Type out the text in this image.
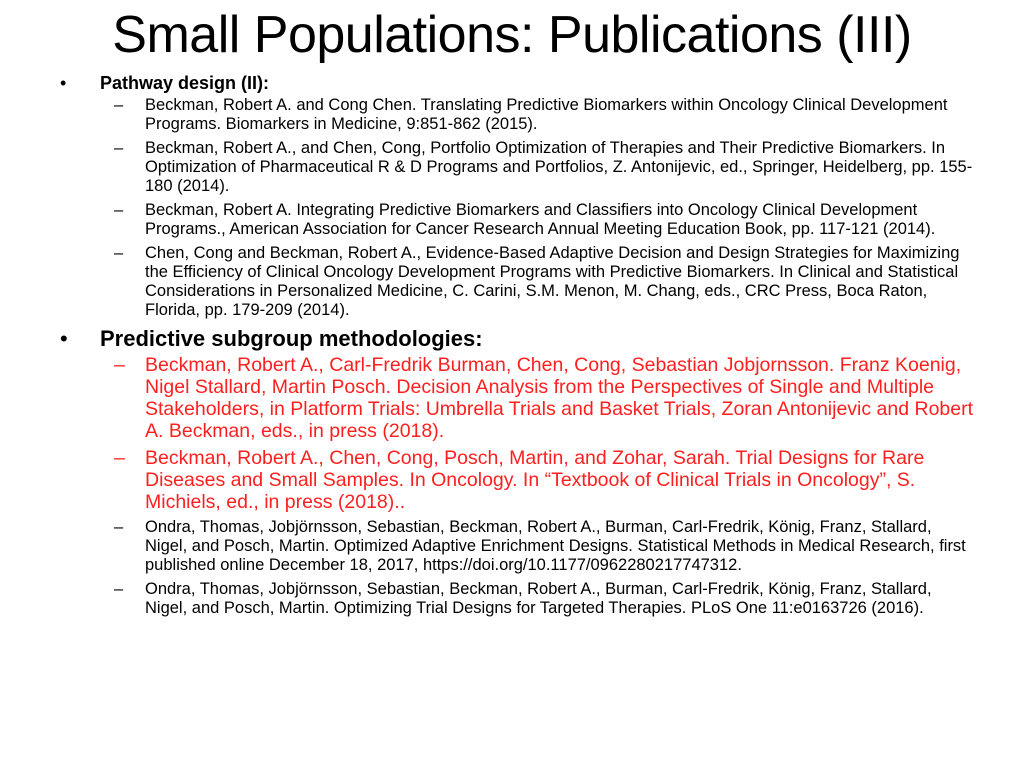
Small Populations: Publications (III)
• Pathway design (II):
– Beckman, Robert A. and Cong Chen. Translating Predictive Biomarkers within Oncology Clinical Development Programs. Biomarkers in Medicine, 9:851-862 (2015).
– Beckman, Robert A., and Chen, Cong, Portfolio Optimization of Therapies and Their Predictive Biomarkers. In Optimization of Pharmaceutical R & D Programs and Portfolios, Z. Antonijevic, ed., Springer, Heidelberg, pp. 155-180 (2014).
– Beckman, Robert A. Integrating Predictive Biomarkers and Classifiers into Oncology Clinical Development Programs., American Association for Cancer Research Annual Meeting Education Book, pp. 117-121 (2014).
– Chen, Cong and Beckman, Robert A., Evidence-Based Adaptive Decision and Design Strategies for Maximizing the Efficiency of Clinical Oncology Development Programs with Predictive Biomarkers. In Clinical and Statistical Considerations in Personalized Medicine, C. Carini, S.M. Menon, M. Chang, eds., CRC Press, Boca Raton, Florida, pp. 179-209 (2014).
• Predictive subgroup methodologies:
– Beckman, Robert A., Carl-Fredrik Burman, Chen, Cong, Sebastian Jobjornsson. Franz Koenig, Nigel Stallard, Martin Posch. Decision Analysis from the Perspectives of Single and Multiple Stakeholders, in Platform Trials: Umbrella Trials and Basket Trials, Zoran Antonijevic and Robert A. Beckman, eds., in press (2018).
– Beckman, Robert A., Chen, Cong, Posch, Martin, and Zohar, Sarah. Trial Designs for Rare Diseases and Small Samples. In Oncology. In “Textbook of Clinical Trials in Oncology”, S. Michiels, ed., in press (2018)..
– Ondra, Thomas, Jobjörnsson, Sebastian, Beckman, Robert A., Burman, Carl-Fredrik, König, Franz, Stallard, Nigel, and Posch, Martin. Optimized Adaptive Enrichment Designs. Statistical Methods in Medical Research, first published online December 18, 2017, https://doi.org/10.1177/0962280217747312.
– Ondra, Thomas, Jobjörnsson, Sebastian, Beckman, Robert A., Burman, Carl-Fredrik, König, Franz, Stallard, Nigel, and Posch, Martin. Optimizing Trial Designs for Targeted Therapies. PLoS One 11:e0163726 (2016).
